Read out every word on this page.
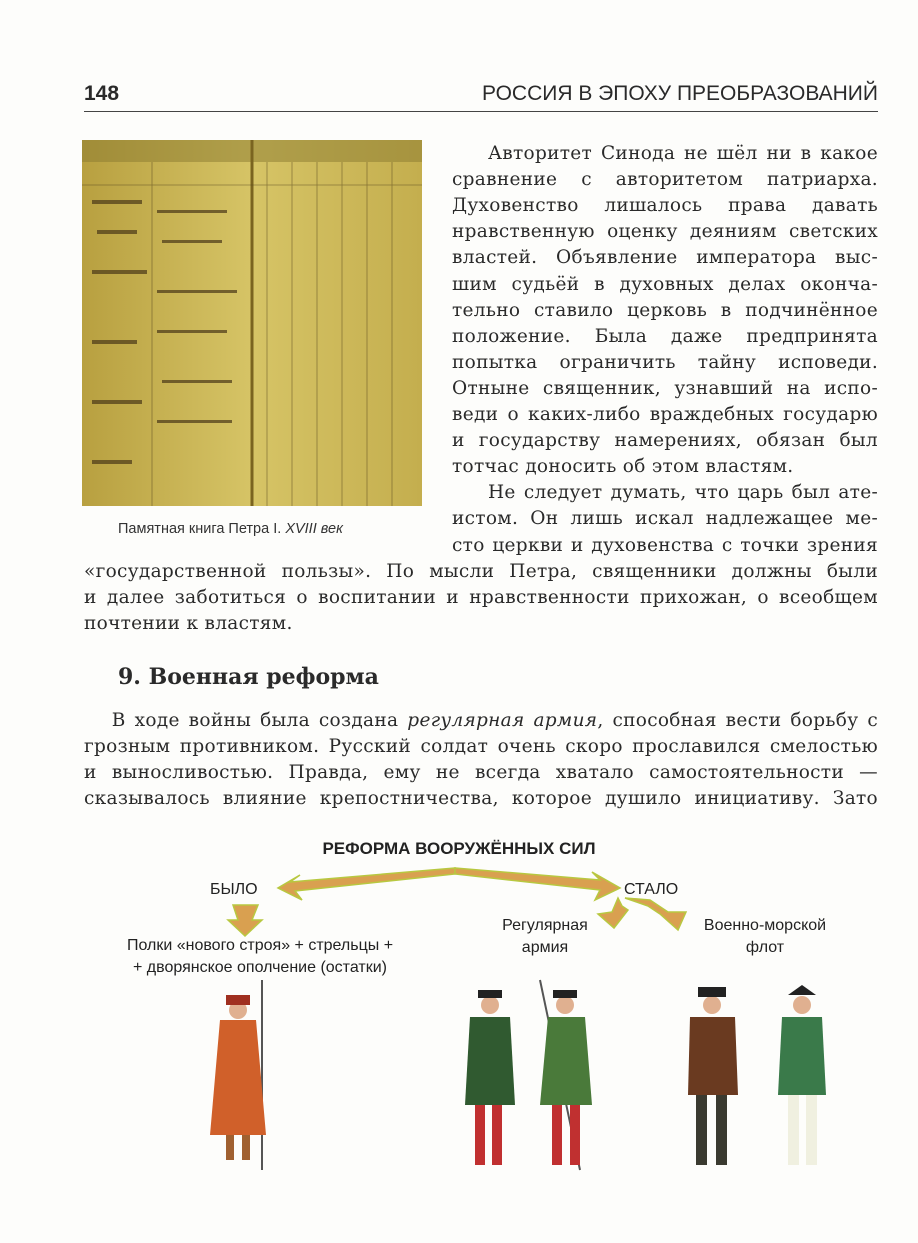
148	РОССИЯ В ЭПОХУ ПРЕОБРАЗОВАНИЙ
Памятная книга Петра I. XVIII век
Авторитет Синода не шёл ни в какое
сравнение с авторитетом патриарха.
Духовенство лишалось права давать
нравственную оценку деяниям светских
властей. Объявление императора выс-
шим судьёй в духовных делах оконча-
тельно ставило церковь в подчинённое
положение. Была даже предпринята
попытка ограничить тайну исповеди.
Отныне священник, узнавший на испо-
веди о каких-либо враждебных государю
и государству намерениях, обязан был
тотчас доносить об этом властям.
Не следует думать, что царь был ате-
истом. Он лишь искал надлежащее ме-
сто церкви и духовенства с точки зрения
«государственной пользы». По мысли Петра, священники должны были
и далее заботиться о воспитании и нравственности прихожан, о всеобщем
почтении к властям.
9. Военная реформа
  В ходе войны была создана регулярная армия, способная вести борьбу с
грозным противником. Русский солдат очень скоро прославился смелостью
и выносливостью. Правда, ему не всегда хватало самостоятельности —
сказывалось влияние крепостничества, которое душило инициативу. Зато
РЕФОРМА ВООРУЖЁННЫХ СИЛ
БЫЛО	СТАЛО
Полки «нового строя» + стрельцы +
+ дворянское ополчение (остатки)
Регулярная
армия
Военно-морской
флот
